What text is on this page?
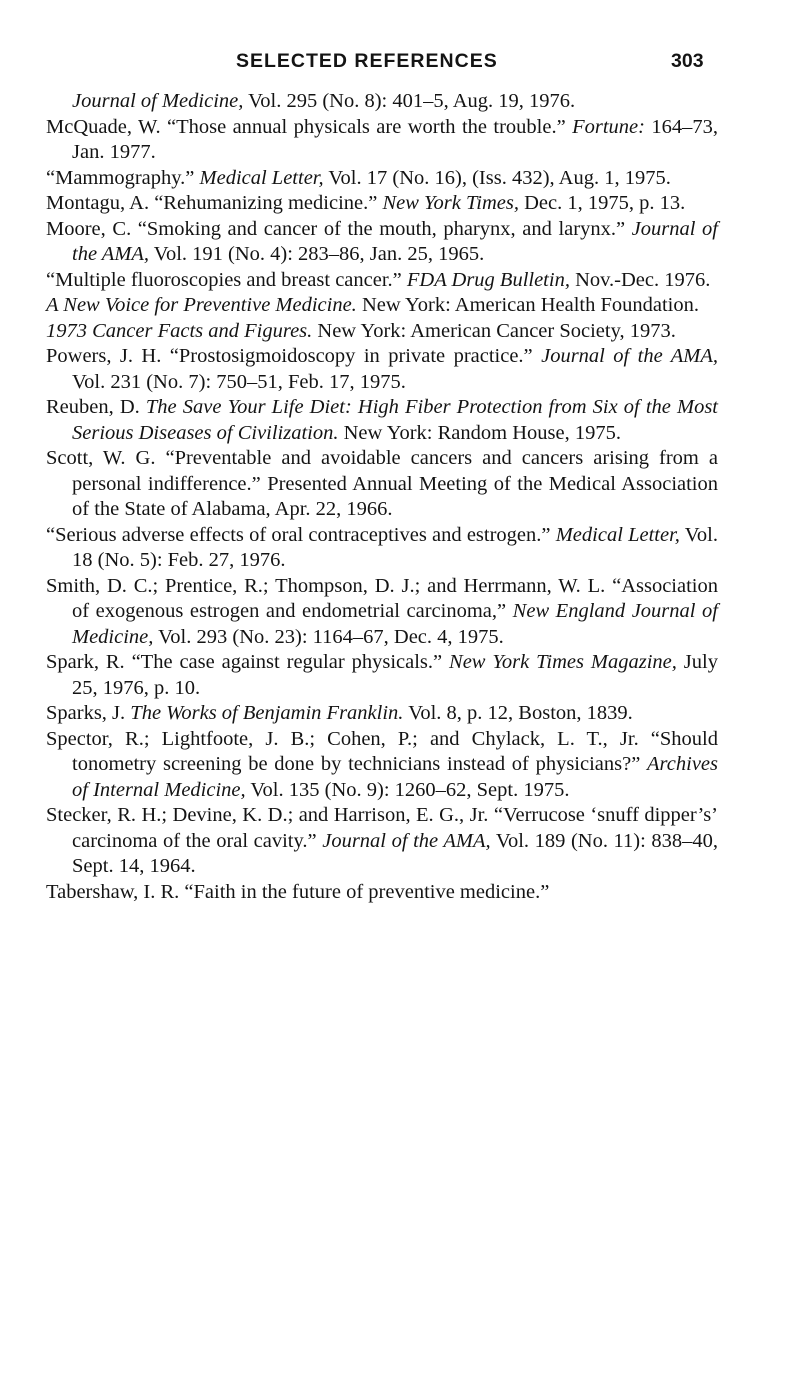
SELECTED REFERENCES	303

Journal of Medicine, Vol. 295 (No. 8): 401–5, Aug. 19, 1976.

McQuade, W. “Those annual physicals are worth the trouble.” Fortune: 164–73, Jan. 1977.

“Mammography.” Medical Letter, Vol. 17 (No. 16), (Iss. 432), Aug. 1, 1975.

Montagu, A. “Rehumanizing medicine.” New York Times, Dec. 1, 1975, p. 13.

Moore, C. “Smoking and cancer of the mouth, pharynx, and larynx.” Journal of the AMA, Vol. 191 (No. 4): 283–86, Jan. 25, 1965.

“Multiple fluoroscopies and breast cancer.” FDA Drug Bulletin, Nov.-Dec. 1976.

A New Voice for Preventive Medicine. New York: American Health Foundation.

1973 Cancer Facts and Figures. New York: American Cancer Society, 1973.

Powers, J. H. “Prostosigmoidoscopy in private practice.” Journal of the AMA, Vol. 231 (No. 7): 750–51, Feb. 17, 1975.

Reuben, D. The Save Your Life Diet: High Fiber Protection from Six of the Most Serious Diseases of Civilization. New York: Random House, 1975.

Scott, W. G. “Preventable and avoidable cancers and cancers arising from a personal indifference.” Presented Annual Meeting of the Medical Association of the State of Alabama, Apr. 22, 1966.

“Serious adverse effects of oral contraceptives and estrogen.” Medical Letter, Vol. 18 (No. 5): Feb. 27, 1976.

Smith, D. C.; Prentice, R.; Thompson, D. J.; and Herrmann, W. L. “Association of exogenous estrogen and endometrial carcinoma,” New England Journal of Medicine, Vol. 293 (No. 23): 1164–67, Dec. 4, 1975.

Spark, R. “The case against regular physicals.” New York Times Magazine, July 25, 1976, p. 10.

Sparks, J. The Works of Benjamin Franklin. Vol. 8, p. 12, Boston, 1839.

Spector, R.; Lightfoote, J. B.; Cohen, P.; and Chylack, L. T., Jr. “Should tonometry screening be done by technicians instead of physicians?” Archives of Internal Medicine, Vol. 135 (No. 9): 1260–62, Sept. 1975.

Stecker, R. H.; Devine, K. D.; and Harrison, E. G., Jr. “Verrucose ‘snuff dipper’s’ carcinoma of the oral cavity.” Journal of the AMA, Vol. 189 (No. 11): 838–40, Sept. 14, 1964.

Tabershaw, I. R. “Faith in the future of preventive medicine.”
